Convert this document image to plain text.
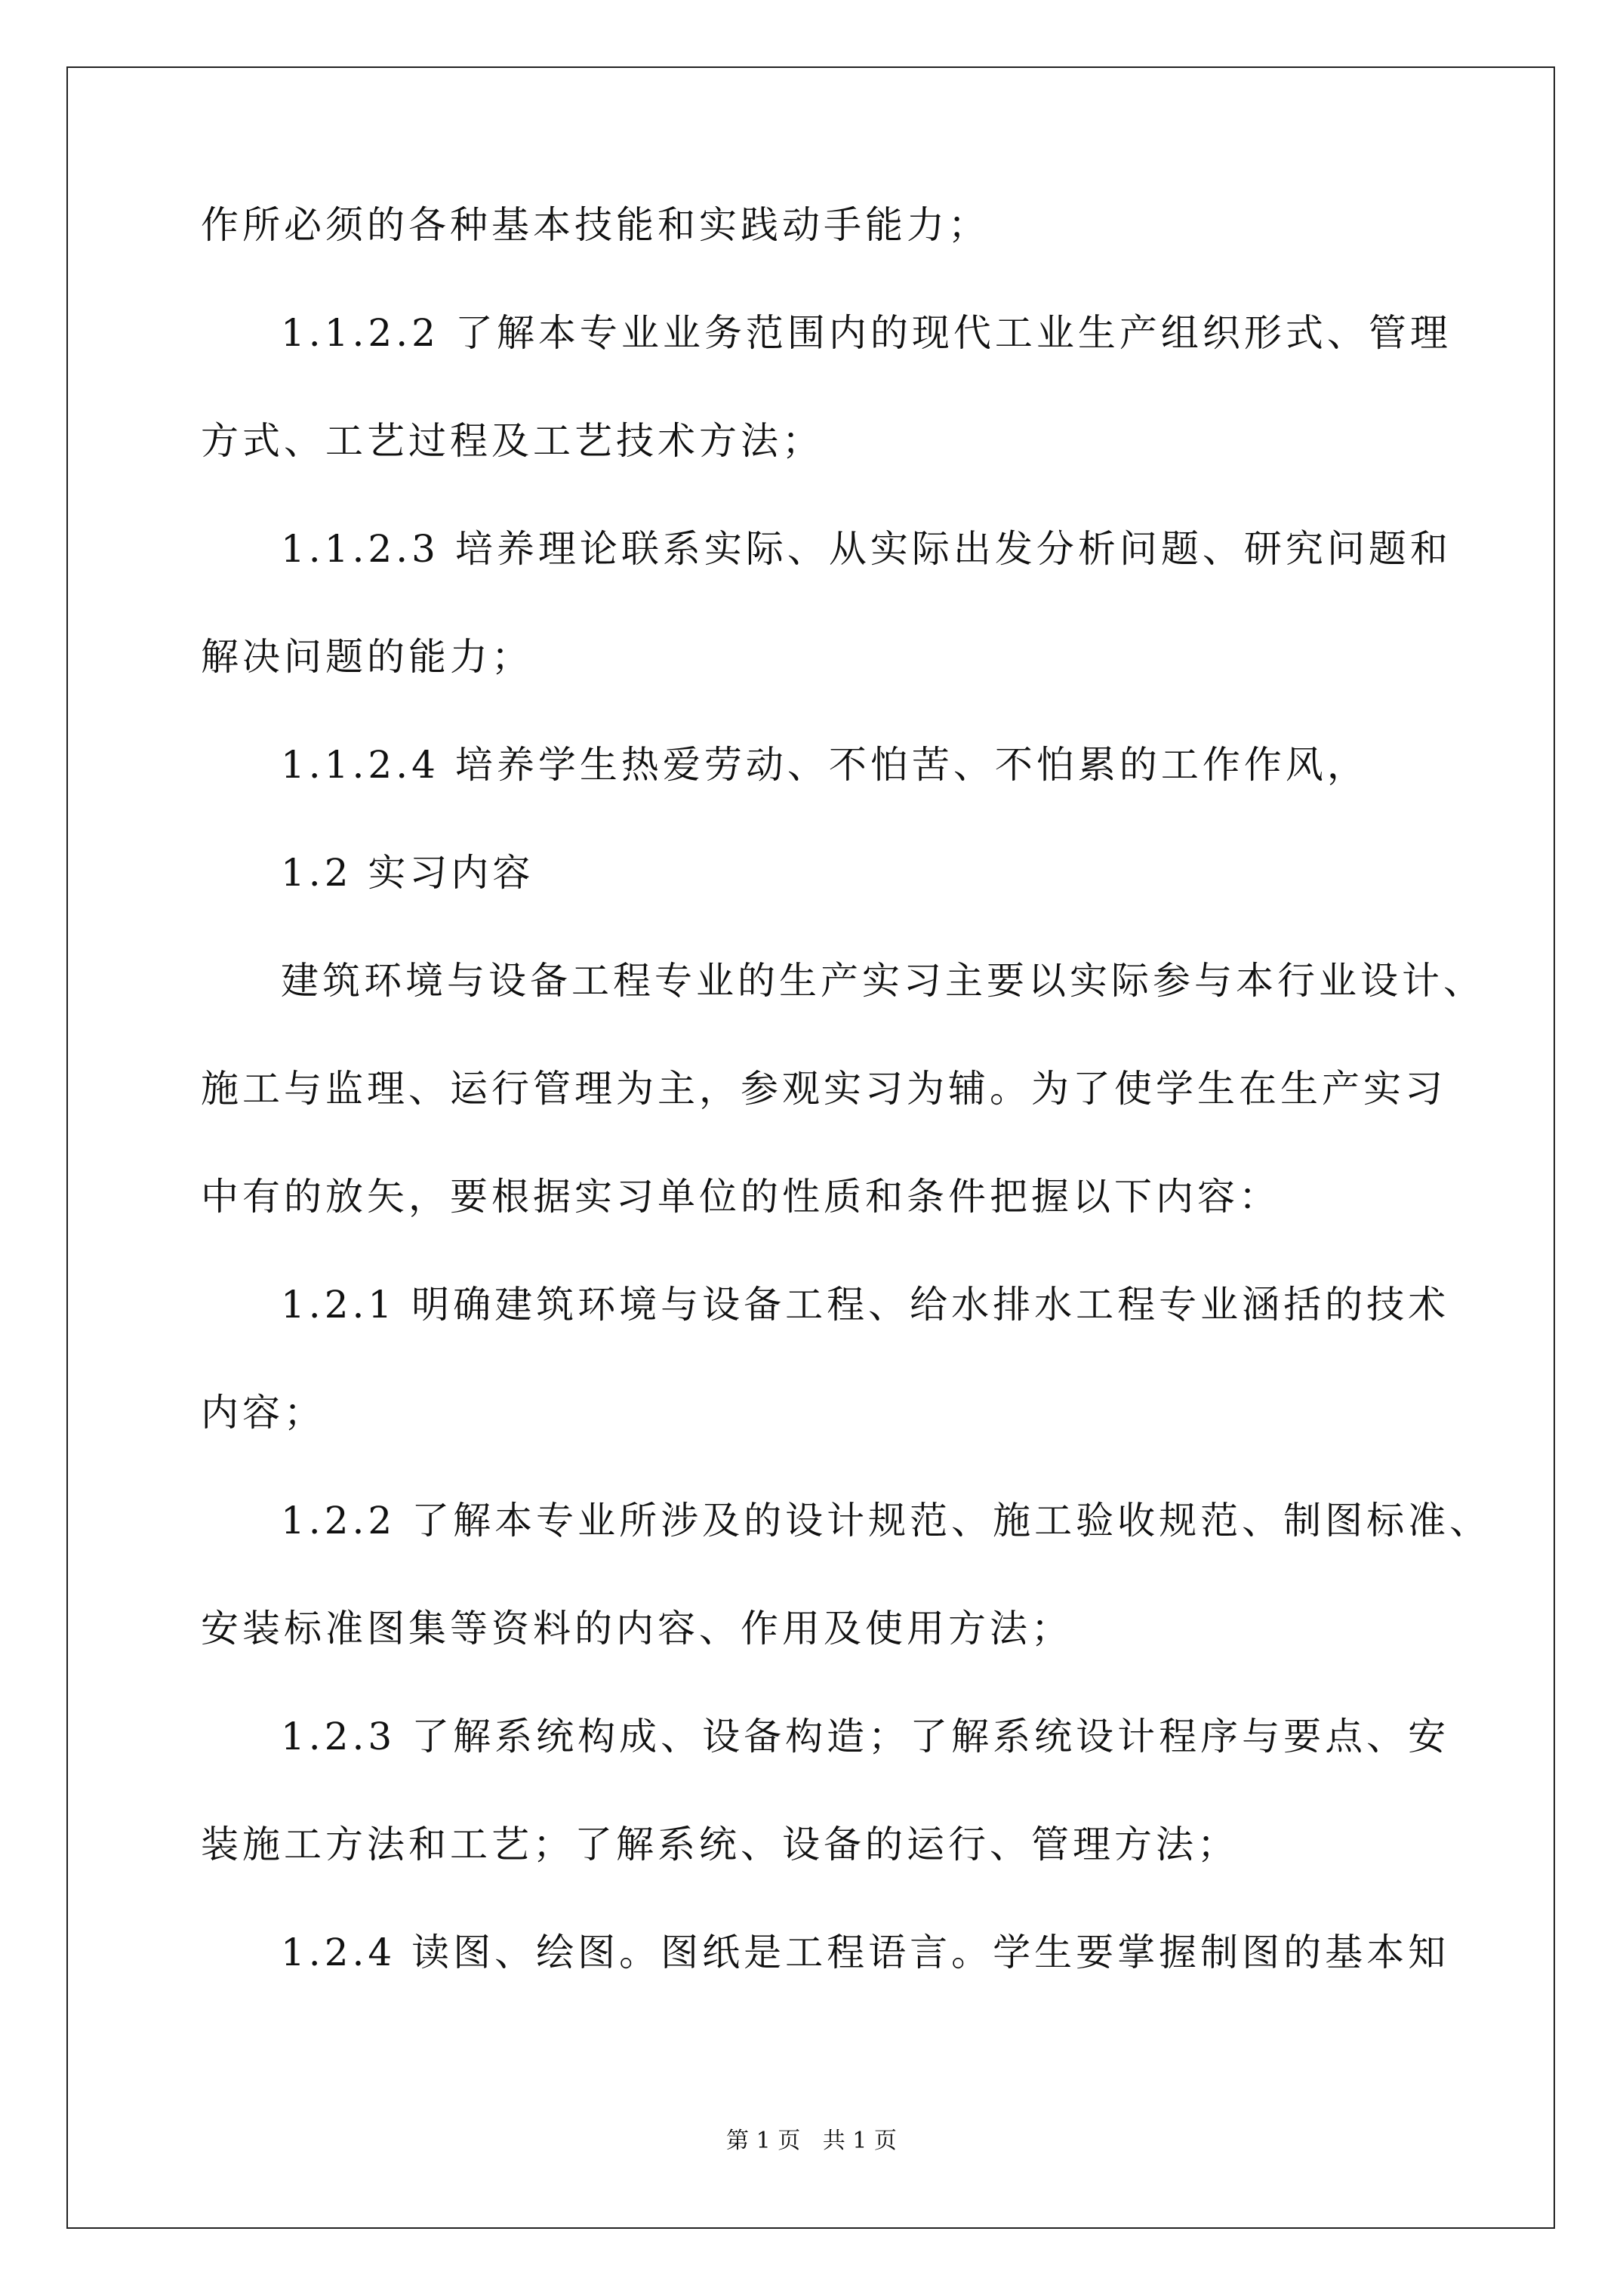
作所必须的各种基本技能和实践动手能力；

1.1.2.2 了解本专业业务范围内的现代工业生产组织形式、管理

方式、工艺过程及工艺技术方法；

1.1.2.3 培养理论联系实际、从实际出发分析问题、研究问题和

解决问题的能力；

1.1.2.4 培养学生热爱劳动、不怕苦、不怕累的工作作风，

1.2 实习内容

建筑环境与设备工程专业的生产实习主要以实际参与本行业设计、

施工与监理、运行管理为主，参观实习为辅。为了使学生在生产实习

中有的放矢，要根据实习单位的性质和条件把握以下内容：

1.2.1 明确建筑环境与设备工程、给水排水工程专业涵括的技术

内容；

1.2.2 了解本专业所涉及的设计规范、施工验收规范、制图标准、

安装标准图集等资料的内容、作用及使用方法；

1.2.3 了解系统构成、设备构造；了解系统设计程序与要点、安

装施工方法和工艺；了解系统、设备的运行、管理方法；

1.2.4 读图、绘图。图纸是工程语言。学生要掌握制图的基本知

第 1 页 共 1 页
